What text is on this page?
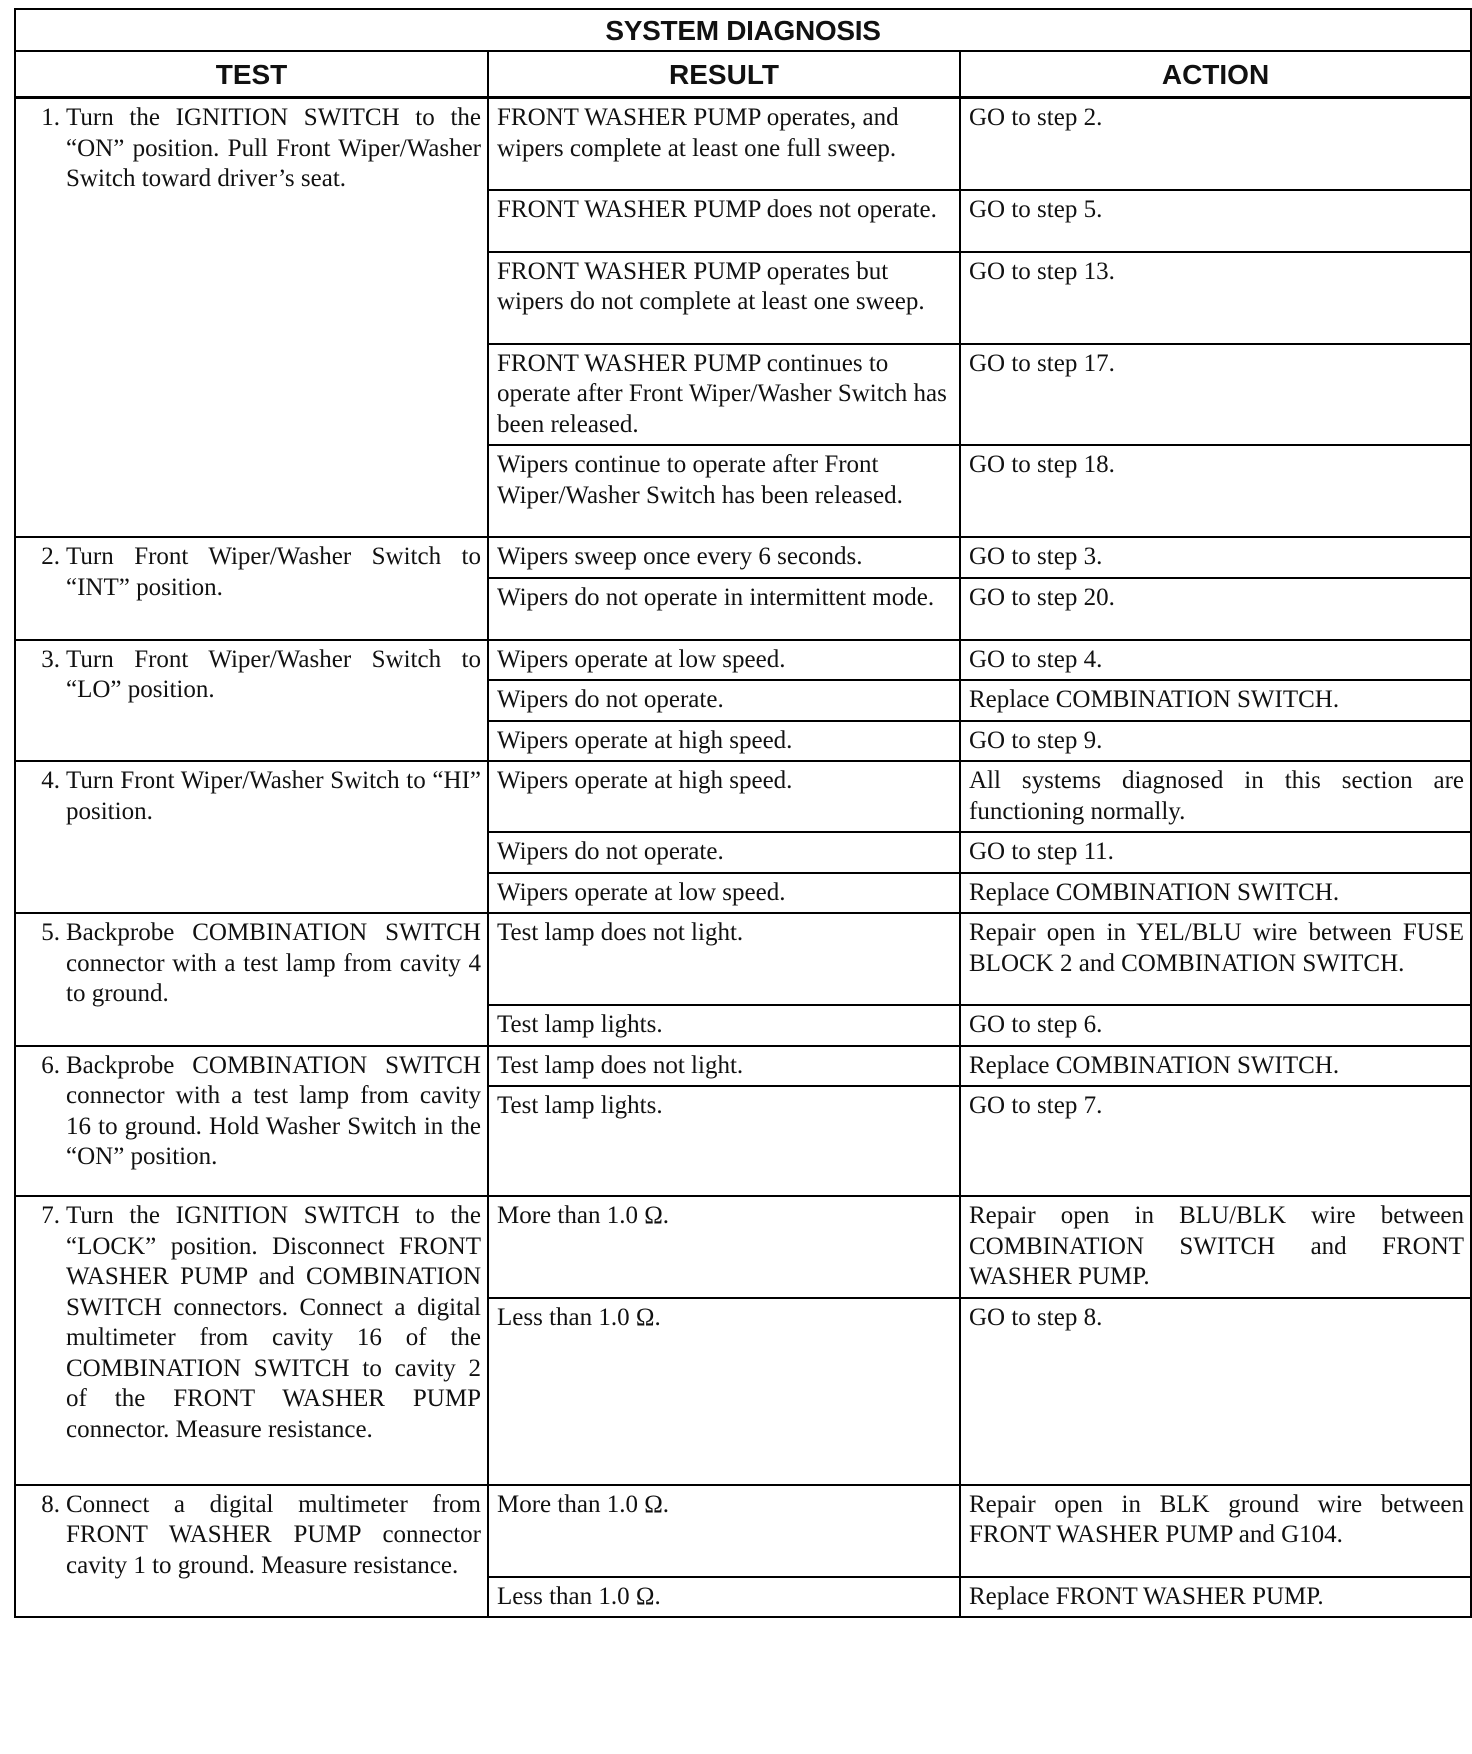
SYSTEM DIAGNOSIS		
TEST	RESULT	ACTION

1. Turn the IGNITION SWITCH to the “ON” position. Pull Front Wiper/Washer Switch toward driver’s seat.	FRONT WASHER PUMP operates, and wipers complete at least one full sweep.	GO to step 2.
	FRONT WASHER PUMP does not operate.	GO to step 5.
	FRONT WASHER PUMP operates but wipers do not complete at least one sweep.	GO to step 13.
	FRONT WASHER PUMP continues to operate after Front Wiper/Washer Switch has been released.	GO to step 17.
	Wipers continue to operate after Front Wiper/Washer Switch has been released.	GO to step 18.

2. Turn Front Wiper/Washer Switch to “INT” position.	Wipers sweep once every 6 seconds.	GO to step 3.
	Wipers do not operate in intermittent mode.	GO to step 20.

3. Turn Front Wiper/Washer Switch to “LO” position.	Wipers operate at low speed.	GO to step 4.
	Wipers do not operate.	Replace COMBINATION SWITCH.
	Wipers operate at high speed.	GO to step 9.

4. Turn Front Wiper/Washer Switch to “HI” position.	Wipers operate at high speed.	All systems diagnosed in this section are functioning normally.
	Wipers do not operate.	GO to step 11.
	Wipers operate at low speed.	Replace COMBINATION SWITCH.

5. Backprobe COMBINATION SWITCH connector with a test lamp from cavity 4 to ground.	Test lamp does not light.	Repair open in YEL/BLU wire between FUSE BLOCK 2 and COMBINATION SWITCH.
	Test lamp lights.	GO to step 6.

6. Backprobe COMBINATION SWITCH connector with a test lamp from cavity 16 to ground. Hold Washer Switch in the “ON” position.	Test lamp does not light.	Replace COMBINATION SWITCH.
	Test lamp lights.	GO to step 7.

7. Turn the IGNITION SWITCH to the “LOCK” position. Disconnect FRONT WASHER PUMP and COMBINATION SWITCH connectors. Connect a digital multimeter from cavity 16 of the COMBINATION SWITCH to cavity 2 of the FRONT WASHER PUMP connector. Measure resistance.	More than 1.0 Ω.	Repair open in BLU/BLK wire between COMBINATION SWITCH and FRONT WASHER PUMP.
	Less than 1.0 Ω.	GO to step 8.

8. Connect a digital multimeter from FRONT WASHER PUMP connector cavity 1 to ground. Measure resistance.	More than 1.0 Ω.	Repair open in BLK ground wire between FRONT WASHER PUMP and G104.
	Less than 1.0 Ω.	Replace FRONT WASHER PUMP.
